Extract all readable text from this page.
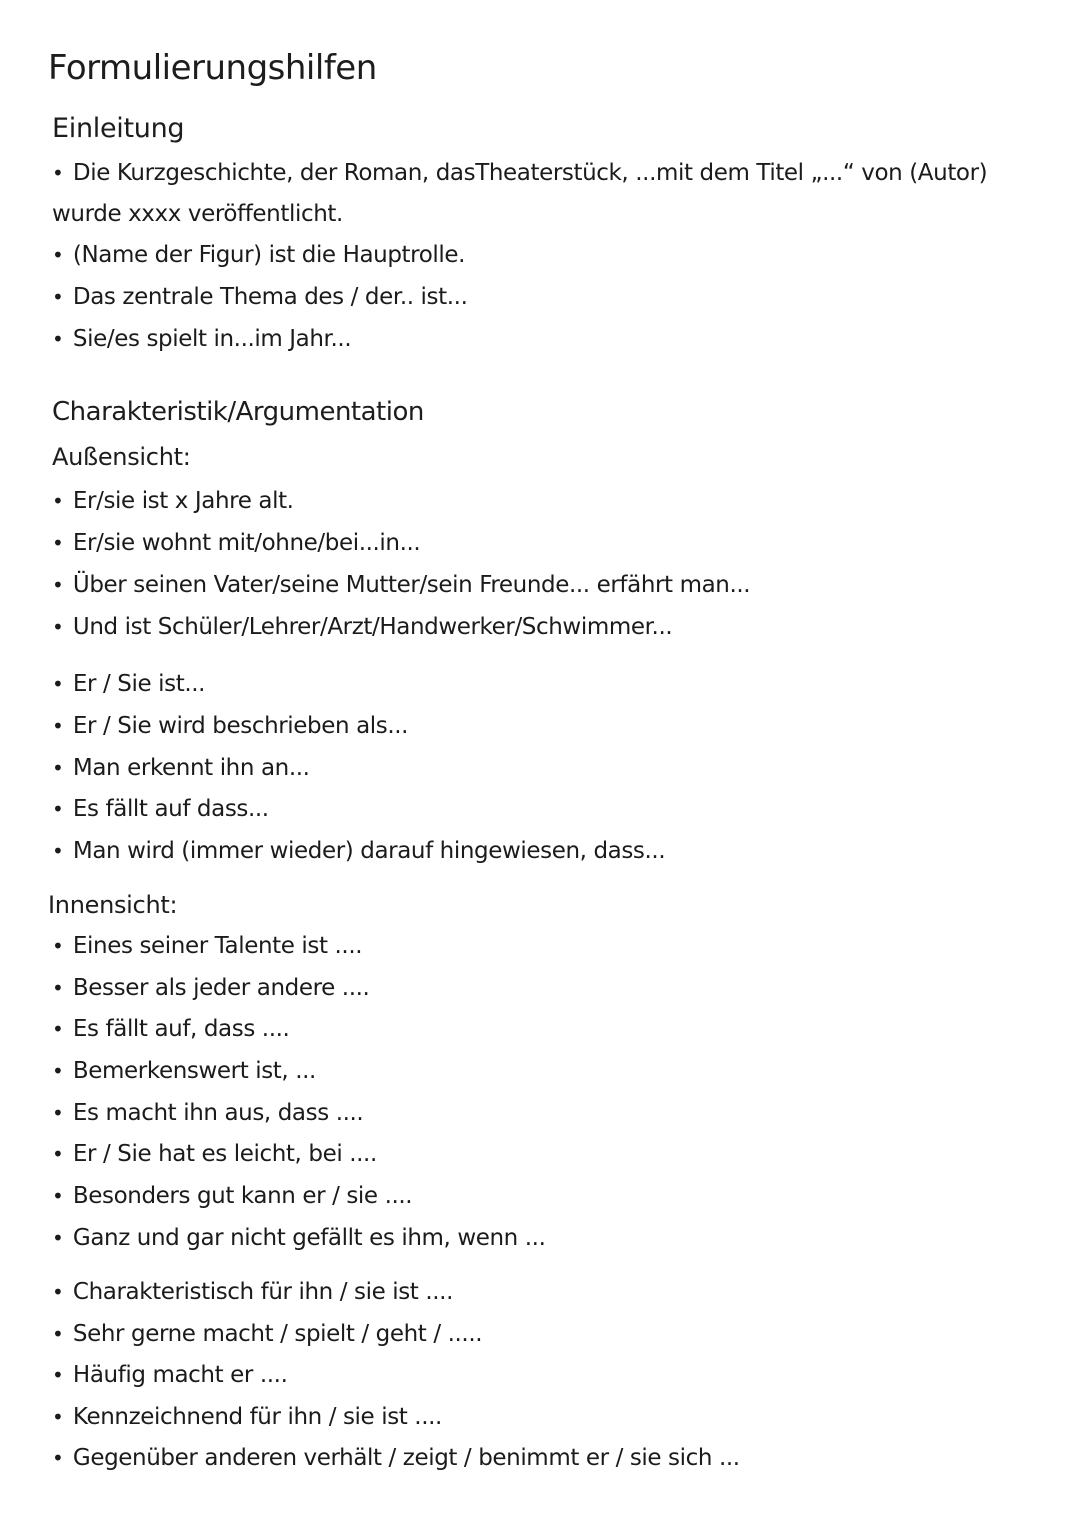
Formulierungshilfen
Einleitung
• Die Kurzgeschichte, der Roman, dasTheaterstück, ...mit dem Titel „...“ von (Autor)
wurde xxxx veröffentlicht.
• (Name der Figur) ist die Hauptrolle.
• Das zentrale Thema des / der.. ist...
• Sie/es spielt in...im Jahr...
Charakteristik/Argumentation
Außensicht:
• Er/sie ist x Jahre alt.
• Er/sie wohnt mit/ohne/bei...in...
• Über seinen Vater/seine Mutter/sein Freunde... erfährt man...
• Und ist Schüler/Lehrer/Arzt/Handwerker/Schwimmer...
• Er / Sie ist...
• Er / Sie wird beschrieben als...
• Man erkennt ihn an...
• Es fällt auf dass...
• Man wird (immer wieder) darauf hingewiesen, dass...
Innensicht:
• Eines seiner Talente ist ....
• Besser als jeder andere ....
• Es fällt auf, dass ....
• Bemerkenswert ist, ...
• Es macht ihn aus, dass ....
• Er / Sie hat es leicht, bei ....
• Besonders gut kann er / sie ....
• Ganz und gar nicht gefällt es ihm, wenn ...
• Charakteristisch für ihn / sie ist ....
• Sehr gerne macht / spielt / geht / .....
• Häufig macht er ....
• Kennzeichnend für ihn / sie ist ....
• Gegenüber anderen verhält / zeigt / benimmt er / sie sich ...
